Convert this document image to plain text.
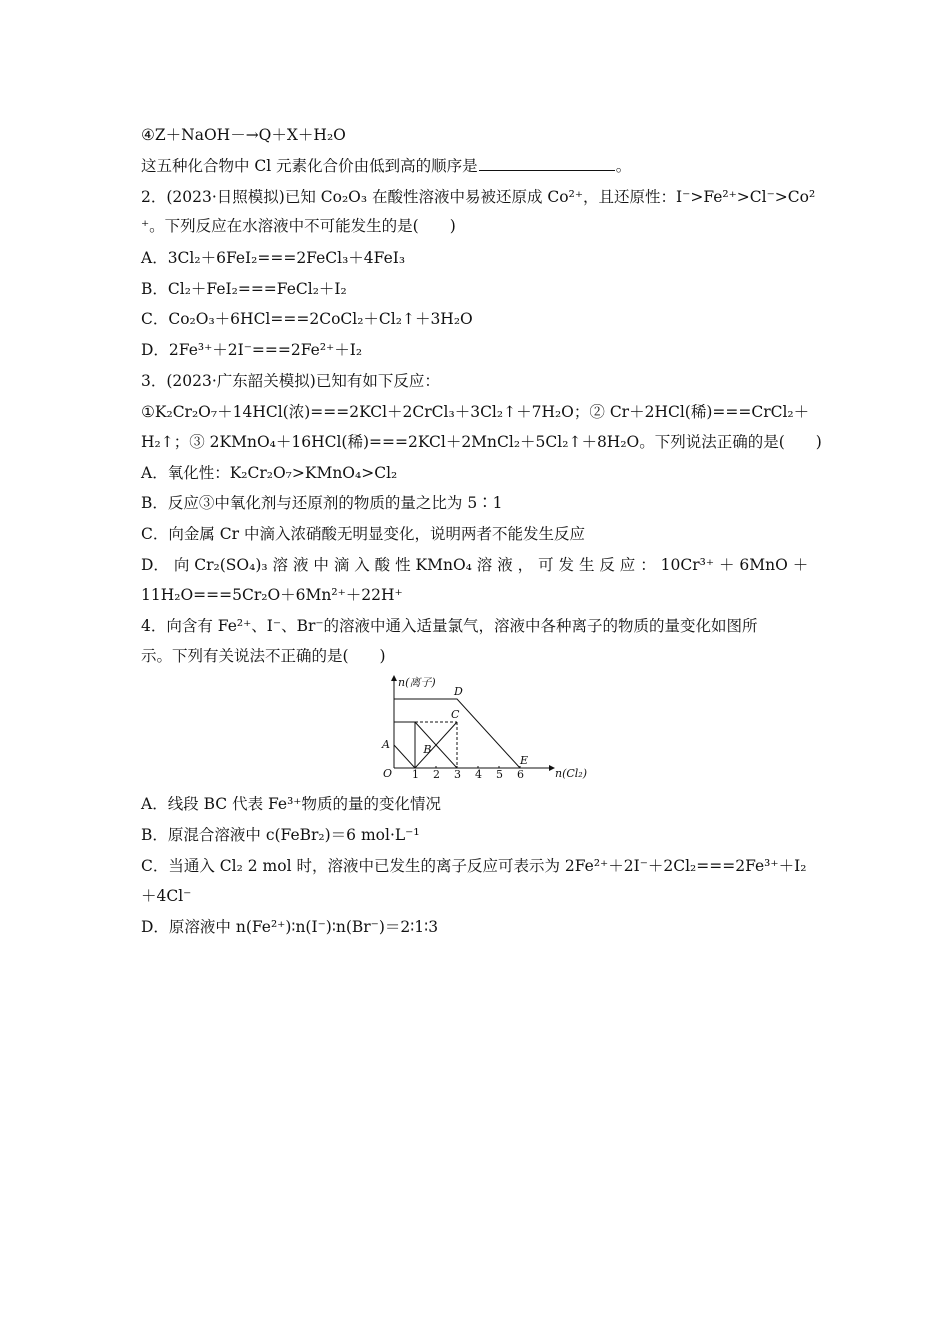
④Z＋NaOH－→Q＋X＋H₂O
这五种化合物中 Cl 元素化合价由低到高的顺序是	。
2．(2023·日照模拟)已知 Co₂O₃ 在酸性溶液中易被还原成 Co²⁺，且还原性：I⁻>Fe²⁺>Cl⁻>Co²
⁺。下列反应在水溶液中不可能发生的是(　　)
A．3Cl₂＋6FeI₂===2FeCl₃＋4FeI₃
B．Cl₂＋FeI₂===FeCl₂＋I₂
C．Co₂O₃＋6HCl===2CoCl₂＋Cl₂↑＋3H₂O
D．2Fe³⁺＋2I⁻===2Fe²⁺＋I₂
3．(2023·广东韶关模拟)已知有如下反应：
①K₂Cr₂O₇＋14HCl(浓)===2KCl＋2CrCl₃＋3Cl₂↑＋7H₂O；② Cr＋2HCl(稀)===CrCl₂＋
H₂↑；③ 2KMnO₄＋16HCl(稀)===2KCl＋2MnCl₂＋5Cl₂↑＋8H₂O。下列说法正确的是(　　)
A．氧化性：K₂Cr₂O₇>KMnO₄>Cl₂
B．反应③中氧化剂与还原剂的物质的量之比为 5∶1
C．向金属 Cr 中滴入浓硝酸无明显变化，说明两者不能发生反应
D． 向 Cr₂(SO₄)₃ 溶 液 中 滴 入 酸 性 KMnO₄ 溶 液 ， 可 发 生 反 应 ： 10Cr³⁺ ＋ 6MnO ＋
11H₂O===5Cr₂O＋6Mn²⁺＋22H⁺
4．向含有 Fe²⁺、I⁻、Br⁻的溶液中通入适量氯气，溶液中各种离子的物质的量变化如图所
示。下列有关说法不正确的是(　　)
n(离子)
n(Cl₂)
O 1 2 3 4 5 6
A	B
C
D
E
A．线段 BC 代表 Fe³⁺物质的量的变化情况
B．原混合溶液中 c(FeBr₂)＝6 mol·L⁻¹
C．当通入 Cl₂ 2 mol 时，溶液中已发生的离子反应可表示为 2Fe²⁺＋2I⁻＋2Cl₂===2Fe³⁺＋I₂
＋4Cl⁻
D．原溶液中 n(Fe²⁺)∶n(I⁻)∶n(Br⁻)＝2∶1∶3
